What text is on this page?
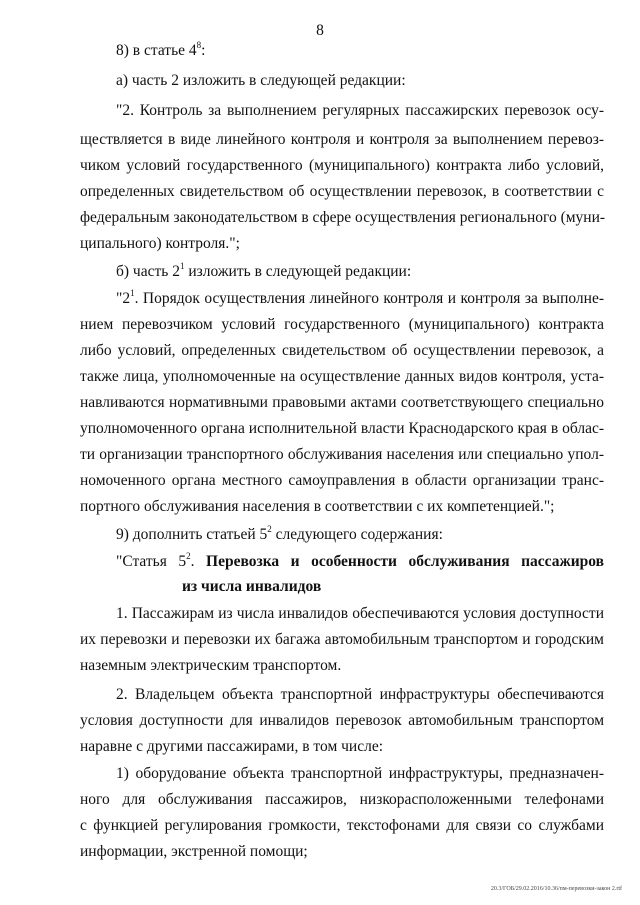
8
8) в статье $4^8$:
а) часть 2 изложить в следующей редакции:
"2. Контроль за выполнением регулярных пассажирских перевозок осу-
ществляется в виде линейного контроля и контроля за выполнением перевоз-
чиком условий государственного (муниципального) контракта либо условий,
определенных свидетельством об осуществлении перевозок, в соответствии с
федеральным законодательством в сфере осуществления регионального (муни-
ципального) контроля.";
б) часть $2^1$ изложить в следующей редакции:
"$2^1$. Порядок осуществления линейного контроля и контроля за выполне-
нием перевозчиком условий государственного (муниципального) контракта
либо условий, определенных свидетельством об осуществлении перевозок, а
также лица, уполномоченные на осуществление данных видов контроля, уста-
навливаются нормативными правовыми актами соответствующего специально
уполномоченного органа исполнительной власти Краснодарского края в облас-
ти организации транспортного обслуживания населения или специально упол-
номоченного органа местного самоуправления в области организации транс-
портного обслуживания населения в соответствии с их компетенцией.";
9) дополнить статьей $5^2$ следующего содержания:
"Статья $5^2$. Перевозка и особенности обслуживания пассажиров
из числа инвалидов
1. Пассажирам из числа инвалидов обеспечиваются условия доступности
их перевозки и перевозки их багажа автомобильным транспортом и городским
наземным электрическим транспортом.
2. Владельцем объекта транспортной инфраструктуры обеспечиваются
условия доступности для инвалидов перевозок автомобильным транспортом
наравне с другими пассажирами, в том числе:
1) оборудование объекта транспортной инфраструктуры, предназначен-
ного для обслуживания пассажиров, низкорасположенными телефонами
с функцией регулирования громкости, текстофонами для связи со службами
информации, экстренной помощи;
20.3/ГОБ/29.02.2016/10.36/пм-перевозки-закон 2.rtf
